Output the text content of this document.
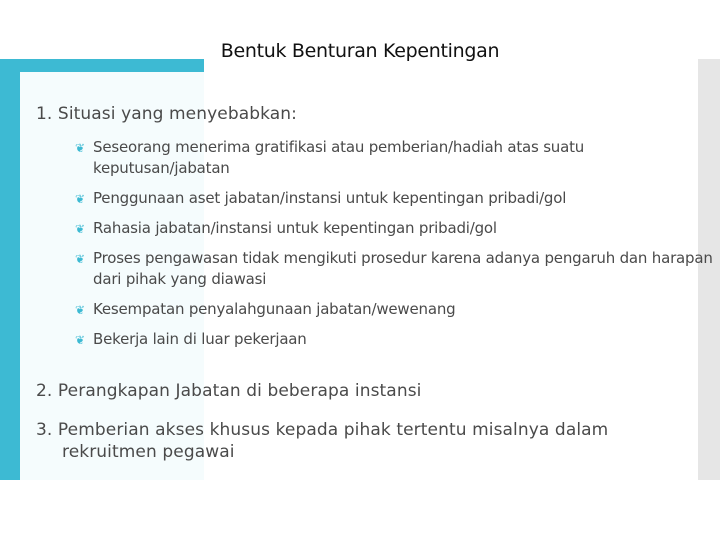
Bentuk Benturan Kepentingan
1. Situasi yang menyebabkan:
❦ Seseorang menerima gratifikasi atau pemberian/hadiah atas suatu keputusan/jabatan
❦ Penggunaan aset jabatan/instansi untuk kepentingan pribadi/gol
❦ Rahasia jabatan/instansi untuk kepentingan pribadi/gol
❦ Proses pengawasan tidak mengikuti prosedur karena adanya pengaruh dan harapan dari pihak yang diawasi
❦ Kesempatan penyalahgunaan jabatan/wewenang
❦ Bekerja lain di luar pekerjaan
2. Perangkapan Jabatan di beberapa instansi
3. Pemberian akses khusus kepada pihak tertentu misalnya dalam
rekruitmen pegawai
